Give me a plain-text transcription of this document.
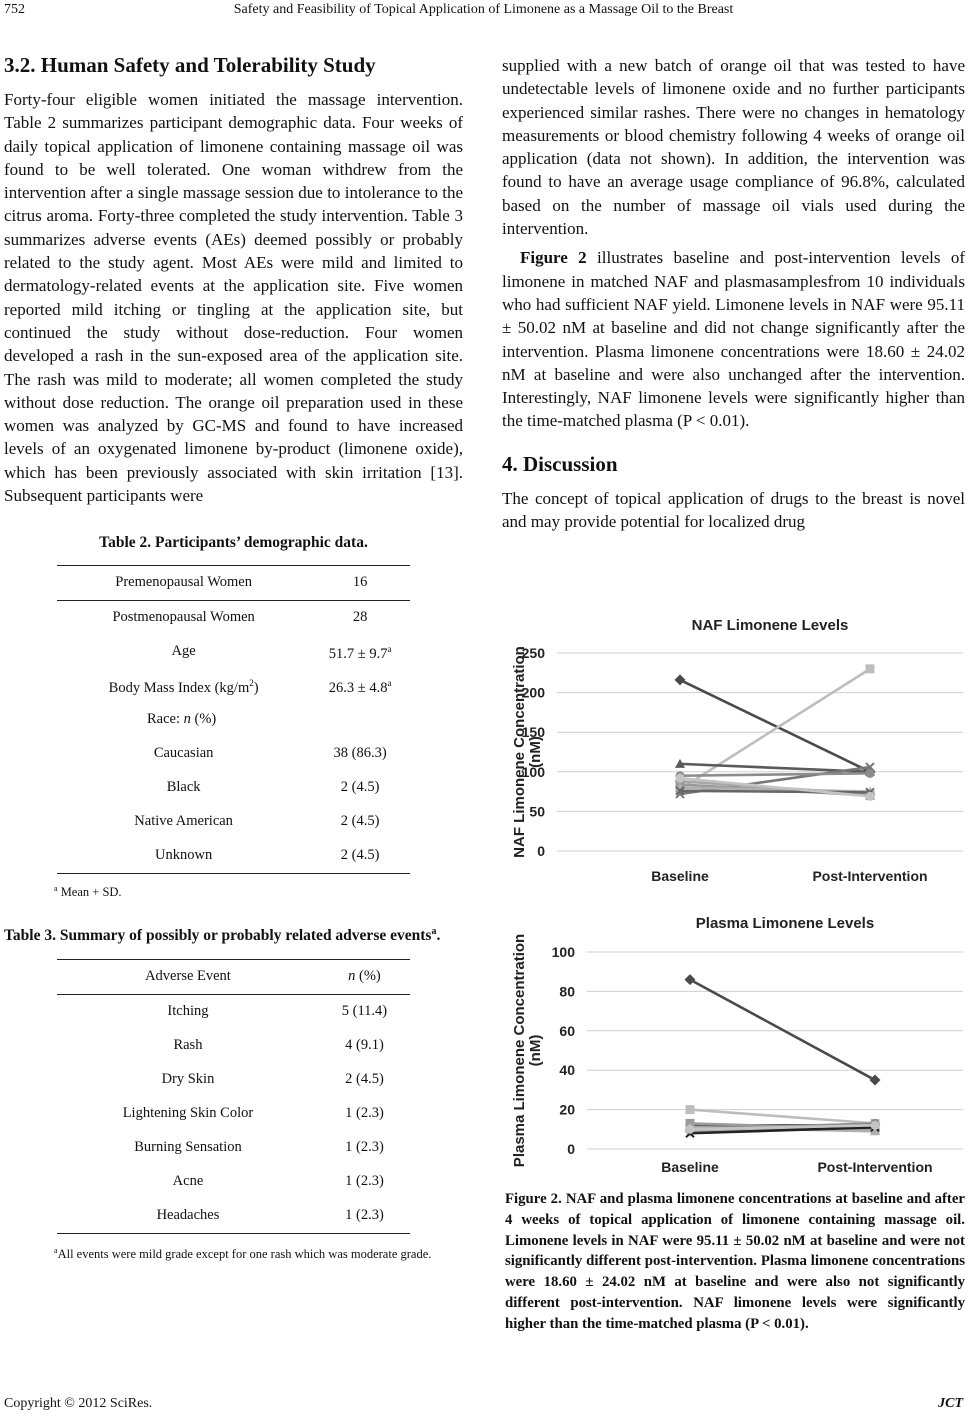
752	Safety and Feasibility of Topical Application of Limonene as a Massage Oil to the Breast
3.2. Human Safety and Tolerability Study

Forty-four eligible women initiated the massage intervention. Table 2 summarizes participant demographic data. Four weeks of daily topical application of limonene containing massage oil was found to be well tolerated. One woman withdrew from the intervention after a single massage session due to intolerance to the citrus aroma. Forty-three completed the study intervention. Table 3 summarizes adverse events (AEs) deemed possibly or probably related to the study agent. Most AEs were mild and limited to dermatology-related events at the application site. Five women reported mild itching or tingling at the application site, but continued the study without dose-reduction. Four women developed a rash in the sun-exposed area of the application site. The rash was mild to moderate; all women completed the study without dose reduction. The orange oil preparation used in these women was analyzed by GC-MS and found to have increased levels of an oxygenated limonene by-product (limonene oxide), which has been previously associated with skin irritation [13]. Subsequent participants were

Table 2. Participants’ demographic data.
Premenopausal Women	16
Postmenopausal Women	28
Age	51.7 ± 9.7$^a$
Body Mass Index $(kg/m^2)$	26.3 ± 4.8$^a$
Race: n (%)	
Caucasian	38 (86.3)
Black	2 (4.5)
Native American	2 (4.5)
Unknown	2 (4.5)
$^a$ Mean + SD.
Table 3. Summary of possibly or probably related adverse events$^a$.
Adverse Event	n (%)
Itching	5 (11.4)
Rash	4 (9.1)
Dry Skin	2 (4.5)
Lightening Skin Color	1 (2.3)
Burning Sensation	1 (2.3)
Acne	1 (2.3)
Headaches	1 (2.3)
$^a$All events were mild grade except for one rash which was moderate grade.

supplied with a new batch of orange oil that was tested to have undetectable levels of limonene oxide and no further participants experienced similar rashes. There were no changes in hematology measurements or blood chemistry following 4 weeks of orange oil application (data not shown). In addition, the intervention was found to have an average usage compliance of 96.8%, calculated based on the number of massage oil vials used during the intervention.

Figure 2 illustrates baseline and post-intervention levels of limonene in matched NAF and plasmasamplesfrom 10 individuals who had sufficient NAF yield. Limonene levels in NAF were 95.11 ± 50.02 nM at baseline and did not change significantly after the intervention. Plasma limonene concentrations were 18.60 ± 24.02 nM at baseline and were also unchanged after the intervention. Interestingly, NAF limonene levels were significantly higher than the time-matched plasma (P < 0.01).

4. Discussion

The concept of topical application of drugs to the breast is novel and may provide potential for localized drug

NAF Limonene Levels
0
50
100
150
200
250
Baseline	Post-Intervention
NAF Limonene Concentration (nM)
Plasma Limonene Levels
0
20
40
60
80
100
Baseline	Post-Intervention
Plasma Limonene Concentration (nM)
Figure 2. NAF and plasma limonene concentrations at baseline and after 4 weeks of topical application of limonene containing massage oil. Limonene levels in NAF were 95.11 ± 50.02 nM at baseline and were not significantly different post-intervention. Plasma limonene concentrations were 18.60 ± 24.02 nM at baseline and were also not significantly different post-intervention. NAF limonene levels were significantly higher than the time-matched plasma (P < 0.01).
Copyright © 2012 SciRes.	JCT
